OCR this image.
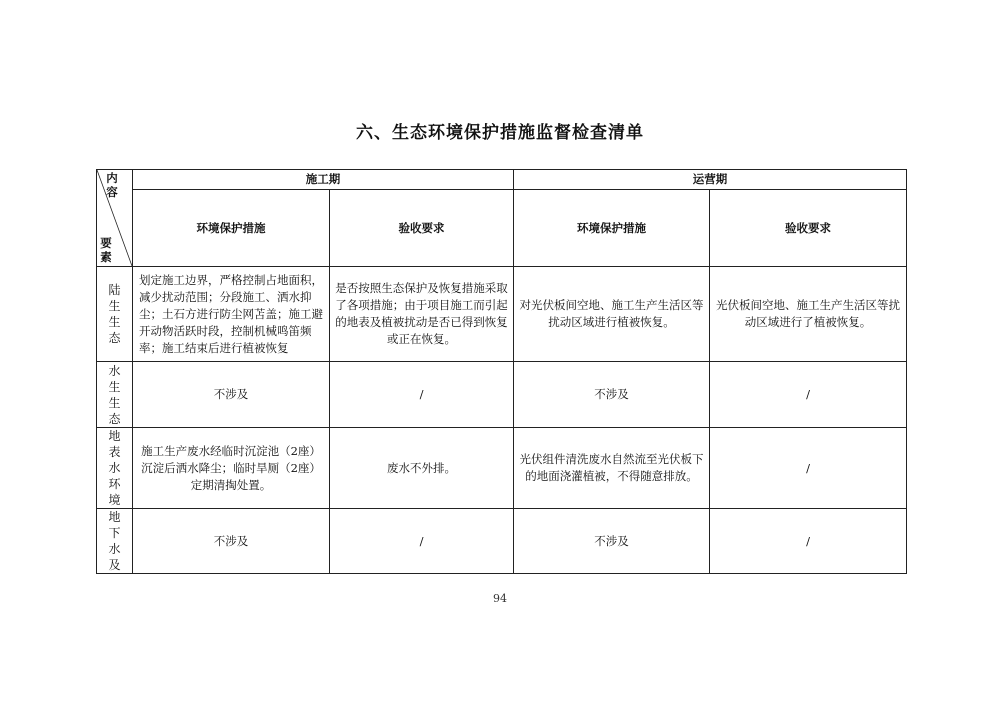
六、生态环境保护措施监督检查清单
内容
要素	施工期		运营期	
	环境保护措施	验收要求	环境保护措施	验收要求

陆生生态	划定施工边界，严格控制占地面积，减少扰动范围；分段施工、洒水抑尘；土石方进行防尘网苫盖；施工避开动物活跃时段，控制机械鸣笛频率；施工结束后进行植被恢复	是否按照生态保护及恢复措施采取了各项措施；由于项目施工而引起的地表及植被扰动是否已得到恢复或正在恢复。	对光伏板间空地、施工生产生活区等扰动区域进行植被恢复。	光伏板间空地、施工生产生活区等扰动区域进行了植被恢复。

水生生态	不涉及	/	不涉及	/

地表水环境	施工生产废水经临时沉淀池（2座）沉淀后洒水降尘；临时旱厕（2座）定期清掏处置。	废水不外排。	光伏组件清洗废水自然流至光伏板下的地面浇灌植被，不得随意排放。	/

地下水及	不涉及	/	不涉及	/
94
